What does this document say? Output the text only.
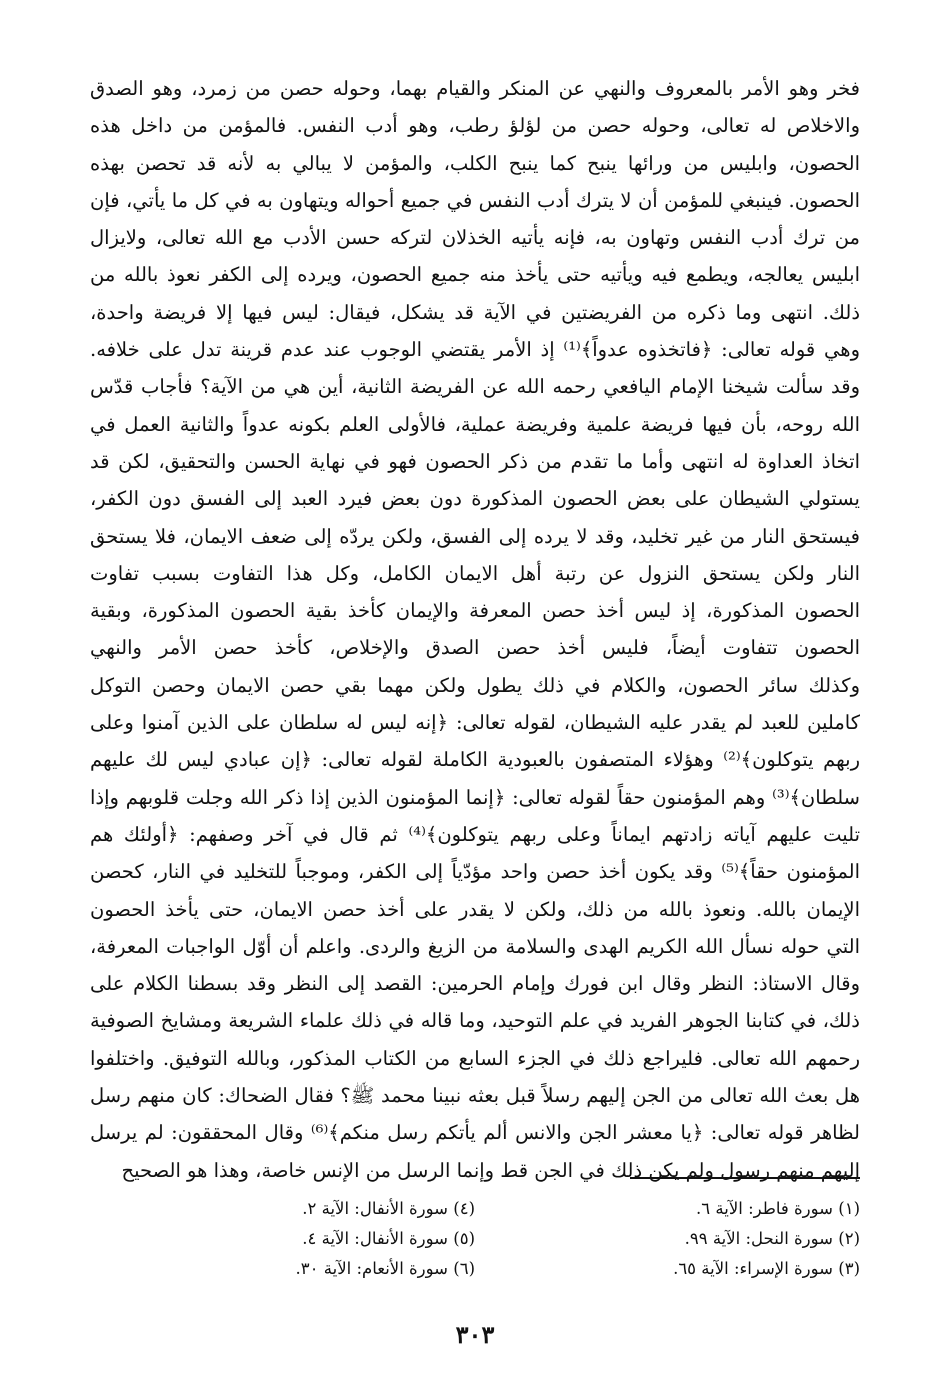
فخر وهو الأمر بالمعروف والنهي عن المنكر والقيام بهما، وحوله حصن من زمرد، وهو الصدق
والاخلاص له تعالى، وحوله حصن من لؤلؤ رطب، وهو أدب النفس. فالمؤمن من داخل هذه
الحصون، وابليس من ورائها ينبح كما ينبح الكلب، والمؤمن لا يبالي به لأنه قد تحصن بهذه
الحصون. فينبغي للمؤمن أن لا يترك أدب النفس في جميع أحواله ويتهاون به في كل ما يأتي، فإن
من ترك أدب النفس وتهاون به، فإنه يأتيه الخذلان لتركه حسن الأدب مع الله تعالى، ولايزال
ابليس يعالجه، ويطمع فيه ويأتيه حتى يأخذ منه جميع الحصون، ويرده إلى الكفر نعوذ بالله من
ذلك. انتهى وما ذكره من الفريضتين في الآية قد يشكل، فيقال: ليس فيها إلا فريضة واحدة،
وهي قوله تعالى: ﴿فاتخذوه عدواً﴾⁽¹⁾ إذ الأمر يقتضي الوجوب عند عدم قرينة تدل على خلافه.
وقد سألت شيخنا الإمام اليافعي رحمه الله عن الفريضة الثانية، أين هي من الآية؟ فأجاب قدّس
الله روحه، بأن فيها فريضة علمية وفريضة عملية، فالأولى العلم بكونه عدواً والثانية العمل في
اتخاذ العداوة له انتهى وأما ما تقدم من ذكر الحصون فهو في نهاية الحسن والتحقيق، لكن قد
يستولي الشيطان على بعض الحصون المذكورة دون بعض فيرد العبد إلى الفسق دون الكفر،
فيستحق النار من غير تخليد، وقد لا يرده إلى الفسق، ولكن يردّه إلى ضعف الايمان، فلا يستحق
النار ولكن يستحق النزول عن رتبة أهل الايمان الكامل، وكل هذا التفاوت بسبب تفاوت
الحصون المذكورة، إذ ليس أخذ حصن المعرفة والإيمان كأخذ بقية الحصون المذكورة، وبقية
الحصون تتفاوت أيضاً، فليس أخذ حصن الصدق والإخلاص، كأخذ حصن الأمر والنهي
وكذلك سائر الحصون، والكلام في ذلك يطول ولكن مهما بقي حصن الايمان وحصن التوكل
كاملين للعبد لم يقدر عليه الشيطان، لقوله تعالى: ﴿إنه ليس له سلطان على الذين آمنوا وعلى
ربهم يتوكلون﴾⁽²⁾ وهؤلاء المتصفون بالعبودية الكاملة لقوله تعالى: ﴿إن عبادي ليس لك عليهم
سلطان﴾⁽³⁾ وهم المؤمنون حقاً لقوله تعالى: ﴿إنما المؤمنون الذين إذا ذكر الله وجلت قلوبهم وإذا
تليت عليهم آياته زادتهم ايماناً وعلى ربهم يتوكلون﴾⁽⁴⁾ ثم قال في آخر وصفهم: ﴿أولئك هم
المؤمنون حقاً﴾⁽⁵⁾ وقد يكون أخذ حصن واحد مؤدّياً إلى الكفر، وموجباً للتخليد في النار، كحصن
الإيمان بالله. ونعوذ بالله من ذلك، ولكن لا يقدر على أخذ حصن الايمان، حتى يأخذ الحصون
التي حوله نسأل الله الكريم الهدى والسلامة من الزيغ والردى. واعلم أن أوّل الواجبات المعرفة،
وقال الاستاذ: النظر وقال ابن فورك وإمام الحرمين: القصد إلى النظر وقد بسطنا الكلام على
ذلك، في كتابنا الجوهر الفريد في علم التوحيد، وما قاله في ذلك علماء الشريعة ومشايخ الصوفية
رحمهم الله تعالى. فليراجع ذلك في الجزء السابع من الكتاب المذكور، وبالله التوفيق. واختلفوا
هل بعث الله تعالى من الجن إليهم رسلاً قبل بعثه نبينا محمد ﷺ؟ فقال الضحاك: كان منهم رسل
لظاهر قوله تعالى: ﴿يا معشر الجن والانس ألم يأتكم رسل منكم﴾⁽⁶⁾ وقال المحققون: لم يرسل
إليهم منهم رسول ولم يكن ذلك في الجن قط وإنما الرسل من الإنس خاصة، وهذا هو الصحيح
(١) سورة فاطر: الآية ٦.
(٢) سورة النحل: الآية ٩٩.
(٣) سورة الإسراء: الآية ٦٥.
(٤) سورة الأنفال: الآية ٢.
(٥) سورة الأنفال: الآية ٤.
(٦) سورة الأنعام: الآية ٣٠.
٣٠٣
